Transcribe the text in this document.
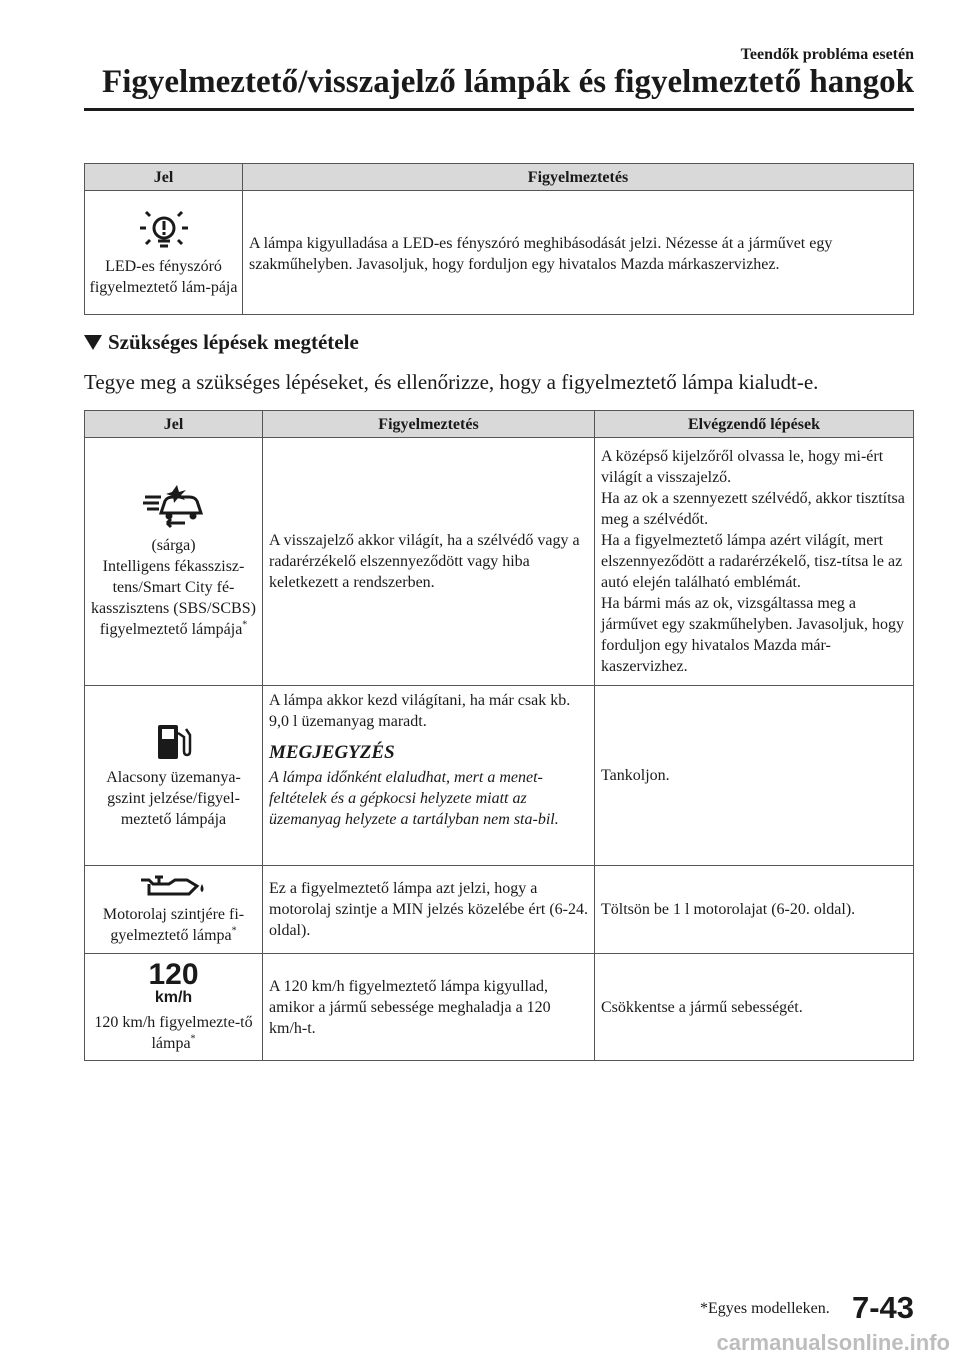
Teendők probléma esetén
Figyelmeztető/visszajelző lámpák és figyelmeztető hangok
Jel	Figyelmeztetés

LED-es fényszóró figyelmeztető lám-pája	A lámpa kigyulladása a LED-es fényszóró meghibásodását jelzi. Nézesse át a járművet egy szakműhelyben. Javasoljuk, hogy forduljon egy hivatalos Mazda márkaszervizhez.
Szükséges lépések megtétele
Tegye meg a szükséges lépéseket, és ellenőrizze, hogy a figyelmeztető lámpa kialudt-e.
Jel	Figyelmeztetés	Elvégzendő lépések

(sárga)
Intelligens fékasszisz-tens/Smart City fé-kasszisztens (SBS/SCBS) figyelmeztető lámpája*	A visszajelző akkor világít, ha a szélvédő vagy a radarérzékelő elszennyeződött vagy hiba keletkezett a rendszerben.	A középső kijelzőről olvassa le, hogy mi-ért világít a visszajelző.
Ha az ok a szennyezett szélvédő, akkor tisztítsa meg a szélvédőt.
Ha a figyelmeztető lámpa azért világít, mert elszennyeződött a radarérzékelő, tisz-títsa le az autó elején található emblémát.
Ha bármi más az ok, vizsgáltassa meg a járművet egy szakműhelyben. Javasoljuk, hogy forduljon egy hivatalos Mazda már-kaszervizhez.

Alacsony üzemanya-gszint jelzése/figyel-meztető lámpája	A lámpa akkor kezd világítani, ha már csak kb. 9,0 l üzemanyag maradt.
MEGJEGYZÉS
A lámpa időnként elaludhat, mert a menet-feltételek és a gépkocsi helyzete miatt az üzemanyag helyzete a tartályban nem sta-bil.	Tankoljon.

Motorolaj szintjére fi-gyelmeztető lámpa*	Ez a figyelmeztető lámpa azt jelzi, hogy a motorolaj szintje a MIN jelzés közelébe ért (6-24. oldal).	Töltsön be 1 l motorolajat (6-20. oldal).

120
km/h
120 km/h figyelmezte-tő lámpa*	A 120 km/h figyelmeztető lámpa kigyullad, amikor a jármű sebessége meghaladja a 120 km/h-t.	Csökkentse a jármű sebességét.
*Egyes modelleken. 7-43
carmanualsonline.info
